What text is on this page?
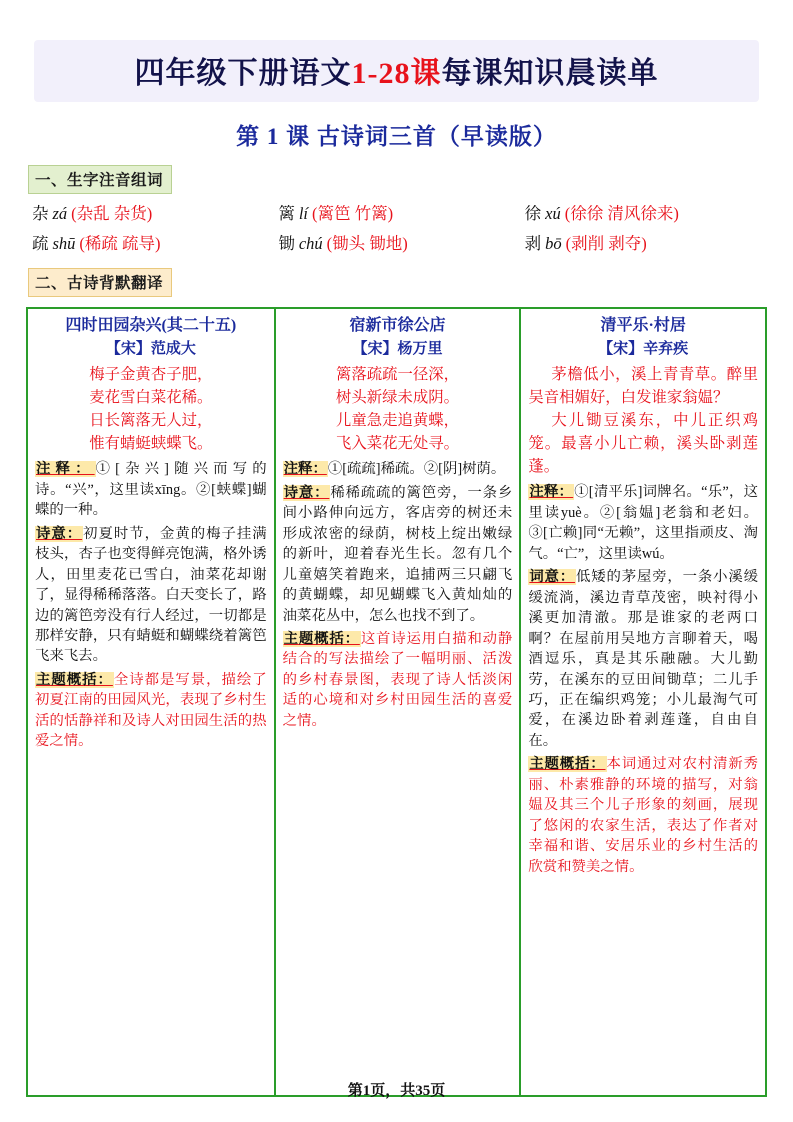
四年级下册语文1-28课每课知识晨读单
第 1 课 古诗词三首（早读版）
一、生字注音组词
杂 zá (杂乱 杂货)	篱 lí (篱笆 竹篱)	徐 xú (徐徐 清风徐来)
疏 shū (稀疏 疏导)	锄 chú (锄头 锄地)	剥 bō (剥削 剥夺)
二、古诗背默翻译
四时田园杂兴(其二十五)
【宋】范成大
梅子金黄杏子肥，
麦花雪白菜花稀。
日长篱落无人过，
惟有蜻蜓蛱蝶飞。
注释：①[杂兴]随兴而写的诗。“兴”，这里读xīng。②[蛱蝶]蝴蝶的一种。
诗意：初夏时节，金黄的梅子挂满枝头，杏子也变得鲜亮饱满，格外诱人，田里麦花已雪白，油菜花却谢了，显得稀稀落落。白天变长了，路边的篱笆旁没有行人经过，一切都是那样安静，只有蜻蜓和蝴蝶绕着篱笆飞来飞去。
主题概括：全诗都是写景，描绘了初夏江南的田园风光，表现了乡村生活的恬静祥和及诗人对田园生活的热爱之情。
宿新市徐公店
【宋】杨万里
篱落疏疏一径深，
树头新绿未成阴。
儿童急走追黄蝶，
飞入菜花无处寻。
注释：①[疏疏]稀疏。②[阴]树荫。
诗意：稀稀疏疏的篱笆旁，一条乡间小路伸向远方，客店旁的树还未形成浓密的绿荫，树枝上绽出嫩绿的新叶，迎着春光生长。忽有几个儿童嬉笑着跑来，追捕两三只翩飞的黄蝴蝶，却见蝴蝶飞入黄灿灿的油菜花丛中，怎么也找不到了。
主题概括：这首诗运用白描和动静结合的写法描绘了一幅明丽、活泼的乡村春景图，表现了诗人恬淡闲适的心境和对乡村田园生活的喜爱之情。
清平乐·村居
【宋】辛弃疾
茅檐低小，溪上青青草。醉里吴音相媚好，白发谁家翁媪？
大儿锄豆溪东，中儿正织鸡笼。最喜小儿亡赖，溪头卧剥莲蓬。
注释：①[清平乐]词牌名。“乐”，这里读yuè。②[翁媪]老翁和老妇。③[亡赖]同“无赖”，这里指顽皮、淘气。“亡”，这里读wú。
词意：低矮的茅屋旁，一条小溪缓缓流淌，溪边青草茂密，映衬得小溪更加清澈。那是谁家的老两口啊？在屋前用吴地方言聊着天，喝酒逗乐，真是其乐融融。大儿勤劳，在溪东的豆田间锄草；二儿手巧，正在编织鸡笼；小儿最淘气可爱，在溪边卧着剥莲蓬，自由自在。
主题概括：本词通过对农村清新秀丽、朴素雅静的环境的描写，对翁媪及其三个儿子形象的刻画，展现了悠闲的农家生活，表达了作者对幸福和谐、安居乐业的乡村生活的欣赏和赞美之情。
第1页，共35页
